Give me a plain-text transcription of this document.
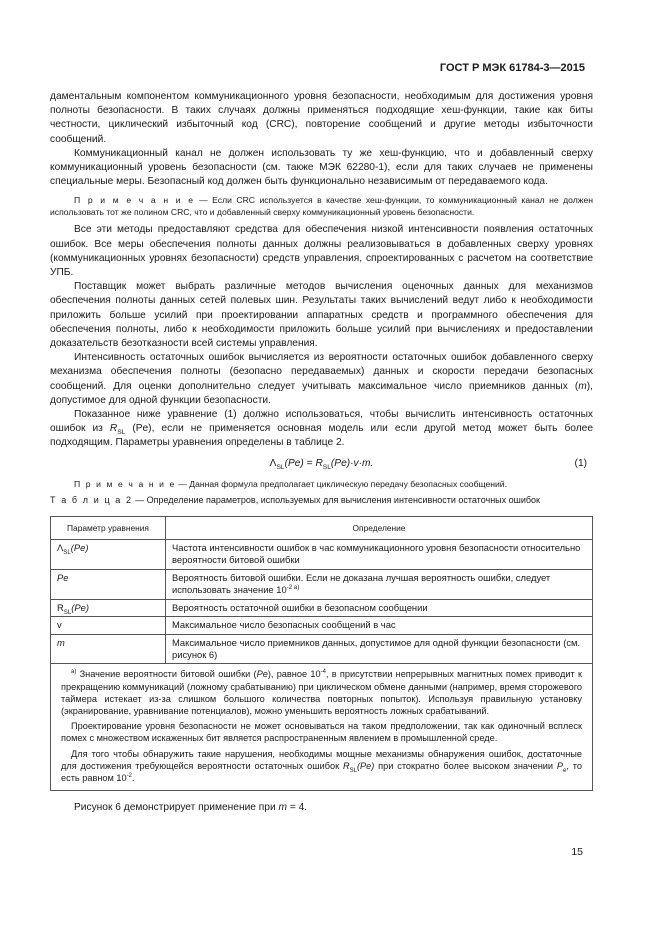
ГОСТ Р МЭК 61784-3—2015

даментальным компонентом коммуникационного уровня безопасности, необходимым для достижения уровня полноты безопасности. В таких случаях должны применяться подходящие хеш-функции, такие как биты честности, циклический избыточный код (CRC), повторение сообщений и другие методы избыточности сообщений.

Коммуникационный канал не должен использовать ту же хеш-функцию, что и добавленный сверху коммуникационный уровень безопасности (см. также МЭК 62280-1), если для таких случаев не применены специальные меры. Безопасный код должен быть функционально независимым от передаваемого кода.

П р и м е ч а н и е — Если CRC используется в качестве хеш-функции, то коммуникационный канал не должен использовать тот же полином CRC, что и добавленный сверху коммуникационный уровень безопасности.

Все эти методы предоставляют средства для обеспечения низкой интенсивности появления остаточных ошибок. Все меры обеспечения полноты данных должны реализовываться в добавленных сверху уровнях (коммуникационных уровнях безопасности) средств управления, спроектированных с расчетом на соответствие УПБ.

Поставщик может выбрать различные методов вычисления оценочных данных для механизмов обеспечения полноты данных сетей полевых шин. Результаты таких вычислений ведут либо к необходимости приложить больше усилий при проектировании аппаратных средств и программного обеспечения для обеспечения полноты, либо к необходимости приложить больше усилий при вычислениях и предоставлении доказательств безотказности всей системы управления.

Интенсивность остаточных ошибок вычисляется из вероятности остаточных ошибок добавленного сверху механизма обеспечения полноты (безопасно передаваемых) данных и скорости передачи безопасных сообщений. Для оценки дополнительно следует учитывать максимальное число приемников данных (m), допустимое для одной функции безопасности.

Показанное ниже уравнение (1) должно использоваться, чтобы вычислить интенсивность остаточных ошибок из $R_{SL}$ (Pe), если не применяется основная модель или если другой метод может быть более подходящим. Параметры уравнения определены в таблице 2.

$\Lambda_{SL}(Pe) = R_{SL}(Pe)\cdot v\cdot m$.	(1)

П р и м е ч а н и е — Данная формула предполагает циклическую передачу безопасных сообщений.

Т а б л и ц а 2 — Определение параметров, используемых для вычисления интенсивности остаточных ошибок

Параметр уравнения	Определение
$\Lambda_{SL}(Pe)$	Частота интенсивности ошибок в час коммуникационного уровня безопасности относительно вероятности битовой ошибки
Pe	Вероятность битовой ошибки. Если не доказана лучшая вероятность ошибки, следует использовать значение $10^{-2 а)}$
$R_{SL}(Pe)$	Вероятность остаточной ошибки в безопасном сообщении
v	Максимальное число безопасных сообщений в час
m	Максимальное число приемников данных, допустимое для одной функции безопасности (см. рисунок 6)

$^{а)}$ Значение вероятности битовой ошибки (Pe), равное $10^{-4}$, в присутствии непрерывных магнитных помех приводит к прекращению коммуникаций (ложному срабатыванию) при циклическом обмене данными (например, время сторожевого таймера истекает из-за слишком большого количества повторных попыток). Используя правильную установку (экранирование, уравнивание потенциалов), можно уменьшить вероятность ложных срабатываний.

Проектирование уровня безопасности не может основываться на таком предположении, так как одиночный всплеск помех с множеством искаженных бит является распространенным явлением в промышленной среде.

Для того чтобы обнаружить такие нарушения, необходимы мощные механизмы обнаружения ошибок, достаточные для достижения требующейся вероятности остаточных ошибок $R_{SL}(Pe)$ при стократно более высоком значении $P_e$, то есть равном $10^{-2}$.	

Рисунок 6 демонстрирует применение при m = 4.

15
